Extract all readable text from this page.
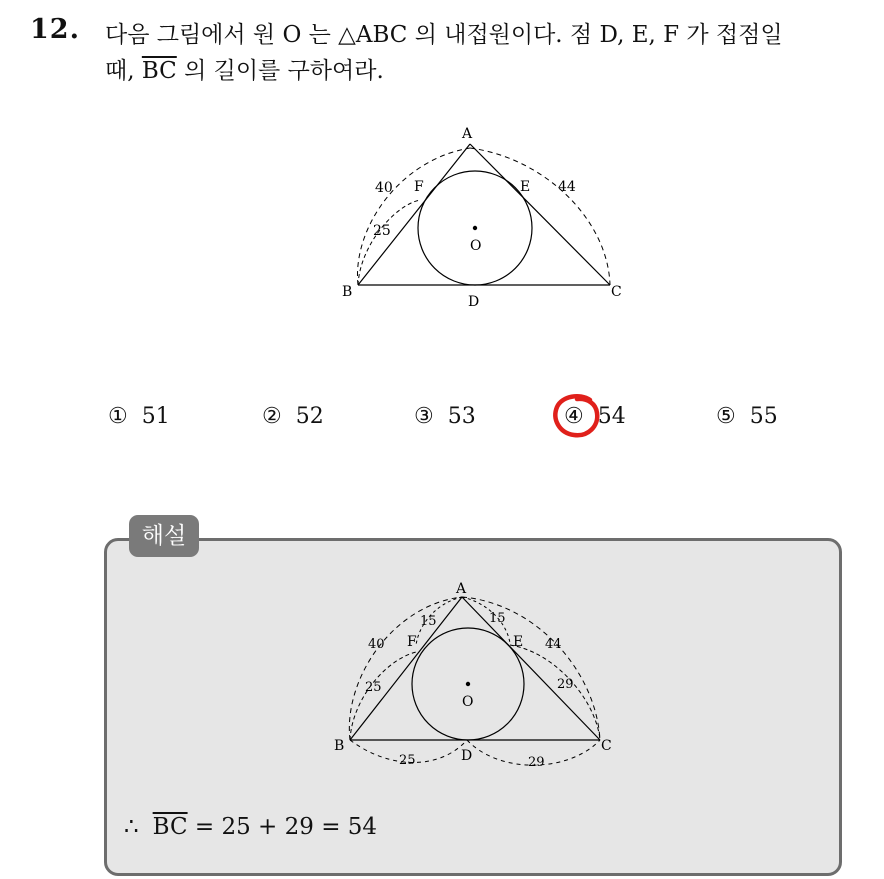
12. 다음 그림에서 원 O 는 △ABC 의 내접원이다. 점 D, E, F 가 접점일
때, $\overline{BC}$ 의 길이를 구하여라.
A
B	C
D
E
F
O
40	44
25
① 51	② 52	③ 53	④ 54	⑤ 55
해설
A
B	C
D
E
F
O
40	44
15	15
25	29
25	29
∴ $\overline{BC} = 25 + 29 = 54$
